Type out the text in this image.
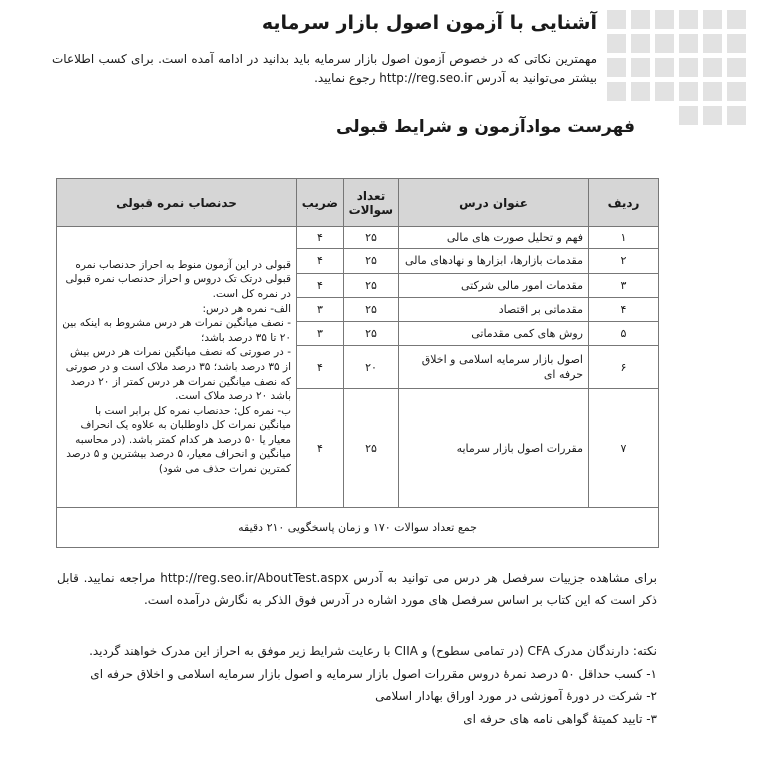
آشنایی با آزمون اصول بازار سرمایه
مهمترین نکاتی که در خصوص آزمون اصول بازار سرمایه باید بدانید در ادامه آمده است. برای کسب اطلاعات بیشتر می‌توانید به آدرس http://reg.seo.ir رجوع نمایید.
فهرست موادآزمون و شرایط قبولی
ردیف	عنوان درس	تعداد سوالات	ضریب	حدنصاب نمره قبولی
۱	فهم و تحلیل صورت های مالی	۲۵	۴	قبولی در این آزمون منوط به احراز حدنصاب نمره قبولی درتک تک دروس و احراز حدنصاب نمره قبولی در نمره کل است.
الف- نمره هر درس:
- نصف میانگین نمرات هر درس مشروط به اینکه بین ۲۰ تا ۳۵ درصد باشد؛
- در صورتی که نصف میانگین نمرات هر درس بیش از ۳۵ درصد باشد؛ ۳۵ درصد ملاک است و در صورتی که نصف میانگین نمرات هر درس کمتر از ۲۰ درصد باشد ۲۰ درصد ملاک است.
ب- نمره کل: حدنصاب نمره کل برابر است با میانگین نمرات کل داوطلبان به علاوه یک انحراف معیار یا ۵۰ درصد هر کدام کمتر باشد. (در محاسبه میانگین و انحراف معیار، ۵ درصد بیشترین و ۵ درصد کمترین نمرات حذف می شود)

۲	مقدمات بازارها، ابزارها و نهادهای مالی	۲۵	۴	
۳	مقدمات امور مالی شرکتی	۲۵	۴	
۴	مقدماتی بر اقتصاد	۲۵	۳	
۵	روش های کمی مقدماتی	۲۵	۳	
۶	اصول بازار سرمایه اسلامی و اخلاق حرفه ای	۲۰	۴	
۷	مقررات اصول بازار سرمایه	۲۵	۴	
جمع تعداد سوالات ۱۷۰ و زمان پاسخگویی ۲۱۰ دقیقه				

برای مشاهده جزییات سرفصل هر درس می توانید به آدرس http://reg.seo.ir/AboutTest.aspx مراجعه نمایید. قابل ذکر است که این کتاب بر اساس سرفصل های مورد اشاره در آدرس فوق الذکر به نگارش درآمده است.

نکته: دارندگان مدرک CFA (در تمامی سطوح) و CIIA با رعایت شرایط زیر موفق به احراز این مدرک خواهند گردید.
۱- کسب حداقل ۵۰ درصد نمرهٔ دروس مقررات اصول بازار سرمایه و اصول بازار سرمایه اسلامی و اخلاق حرفه ای
۲- شرکت در دورهٔ آموزشی در مورد اوراق بهادار اسلامی
۳- تایید کمیتهٔ گواهی نامه های حرفه ای
